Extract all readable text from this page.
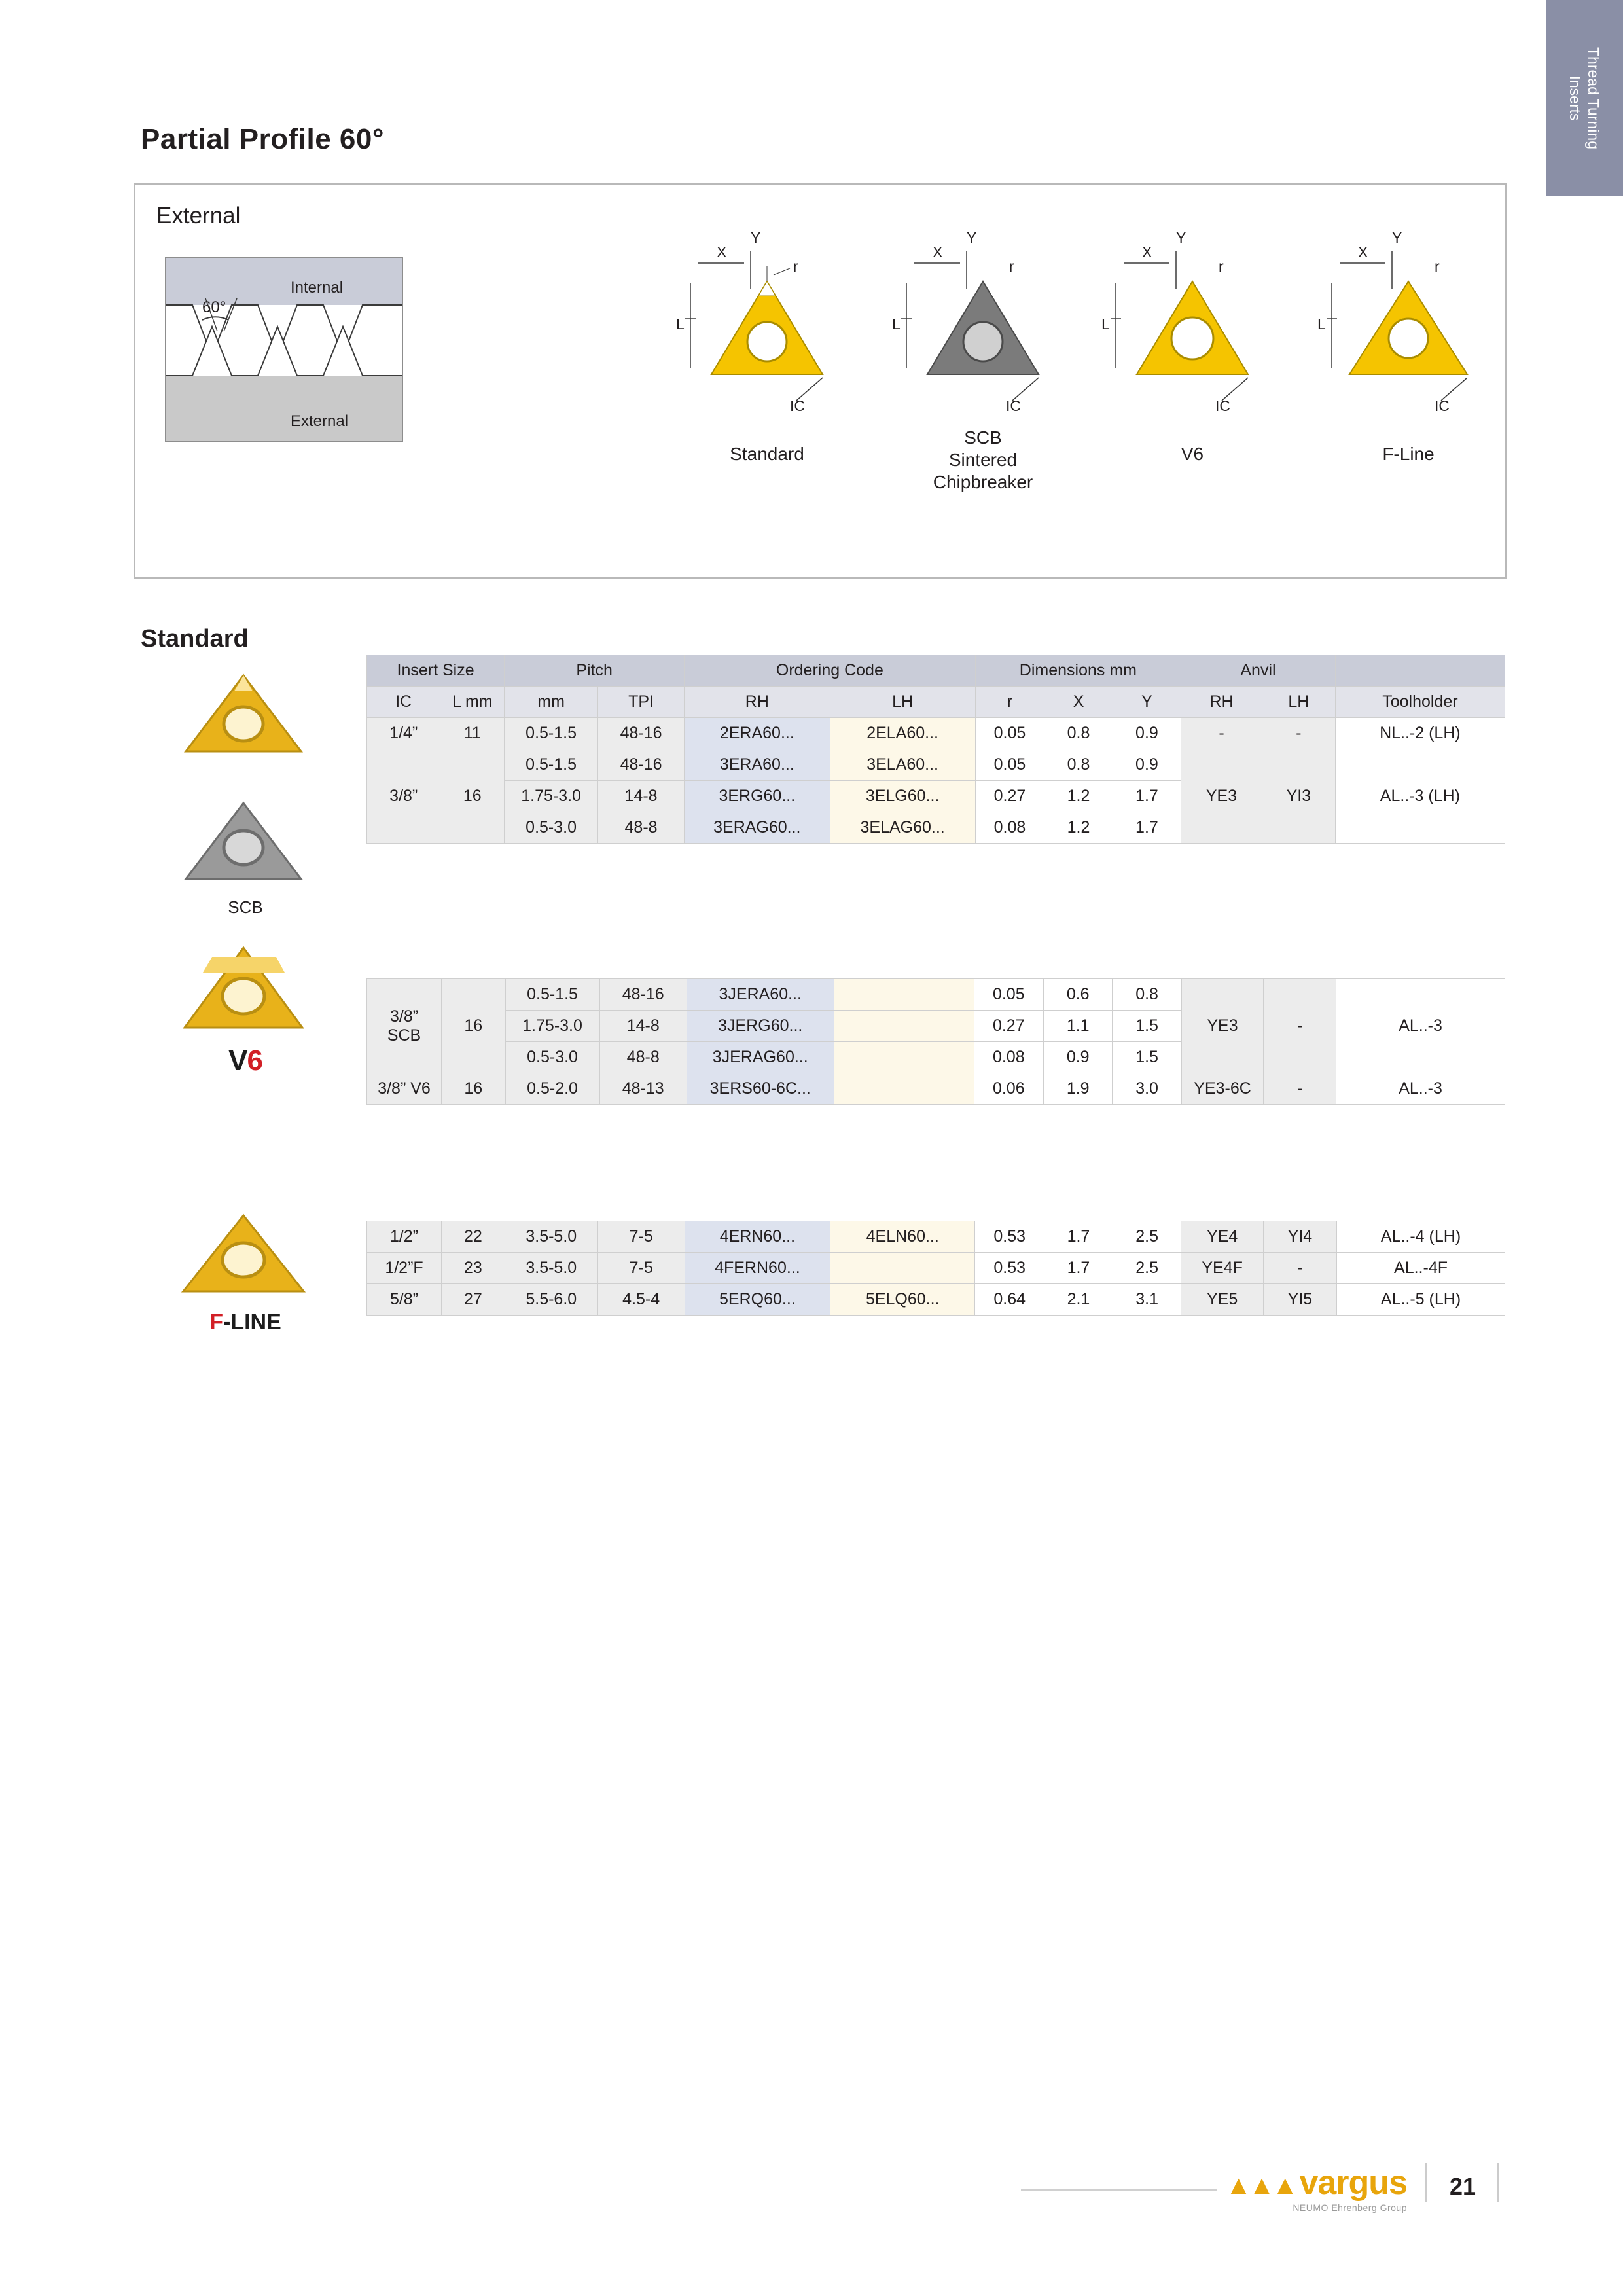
Thread Turning
Inserts
Partial Profile 60°
External
60°
Internal
External
L
X
Y
r
IC
Standard
L
X
Y
r
IC
SCB
Sintered
Chipbreaker
L
X
Y
r
IC
V6
L
X
Y
r
IC
F-Line
Standard
SCB
V6
F-LINE
Insert Size		Pitch		Ordering Code		Dimensions mm			Anvil		
IC	L mm	mm	TPI	RH	LH	r	X	Y	RH	LH	Toolholder
1/4”	11	0.5-1.5	48-16	2ERA60...	2ELA60...	0.05	0.8	0.9	-	-	NL..-2 (LH)
3/8”	16	0.5-1.5	48-16	3ERA60...	3ELA60...	0.05	0.8	0.9	YE3	YI3	AL..-3 (LH)
		1.75-3.0	14-8	3ERG60...	3ELG60...	0.27	1.2	1.7			
		0.5-3.0	48-8	3ERAG60...	3ELAG60...	0.08	1.2	1.7			
3/8”
SCB	16	0.5-1.5	48-16	3JERA60...		0.05	0.6	0.8	YE3	-	AL..-3
		1.75-3.0	14-8	3JERG60...		0.27	1.1	1.5			
		0.5-3.0	48-8	3JERAG60...		0.08	0.9	1.5			
3/8” V6	16	0.5-2.0	48-13	3ERS60-6C...		0.06	1.9	3.0	YE3-6C	-	AL..-3
1/2”	22	3.5-5.0	7-5	4ERN60...	4ELN60...	0.53	1.7	2.5	YE4	YI4	AL..-4 (LH)
1/2”F	23	3.5-5.0	7-5	4FERN60...		0.53	1.7	2.5	YE4F	-	AL..-4F
5/8”	27	5.5-6.0	4.5-4	5ERQ60...	5ELQ60...	0.64	2.1	3.1	YE5	YI5	AL..-5 (LH)
▲▲▲ vargus
NEUMO Ehrenberg Group
21
